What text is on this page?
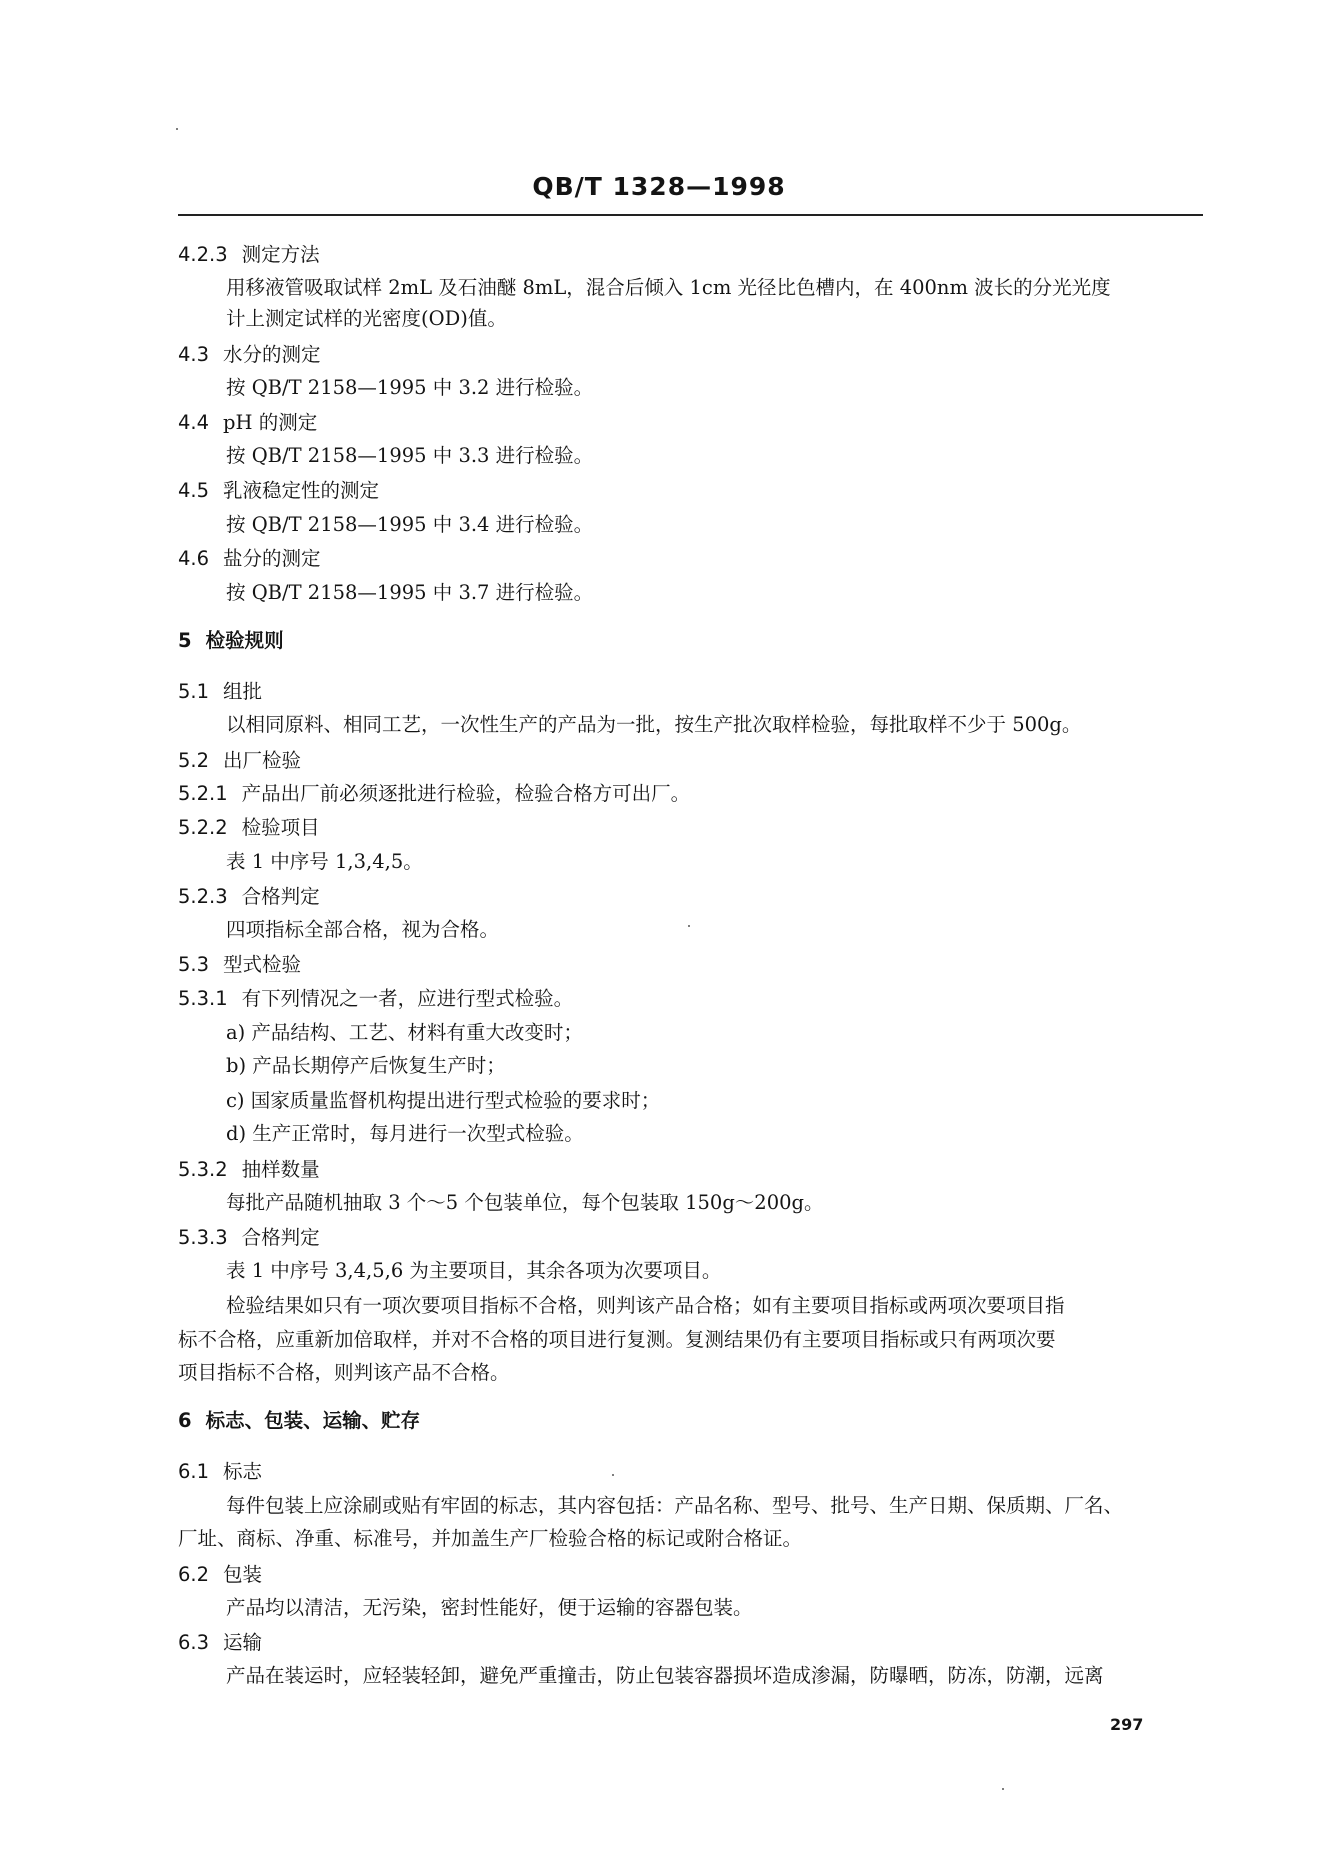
QB/T 1328—1998
4.2.3 测定方法
用移液管吸取试样 2mL 及石油醚 8mL，混合后倾入 1cm 光径比色槽内，在 400nm 波长的分光光度
计上测定试样的光密度(OD)值。
4.3 水分的测定
按 QB/T 2158—1995 中 3.2 进行检验。
4.4 pH 的测定
按 QB/T 2158—1995 中 3.3 进行检验。
4.5 乳液稳定性的测定
按 QB/T 2158—1995 中 3.4 进行检验。
4.6 盐分的测定
按 QB/T 2158—1995 中 3.7 进行检验。
5 检验规则
5.1 组批
以相同原料、相同工艺，一次性生产的产品为一批，按生产批次取样检验，每批取样不少于 500g。
5.2 出厂检验
5.2.1 产品出厂前必须逐批进行检验，检验合格方可出厂。
5.2.2 检验项目
表 1 中序号 1,3,4,5。
5.2.3 合格判定
四项指标全部合格，视为合格。
5.3 型式检验
5.3.1 有下列情况之一者，应进行型式检验。
a) 产品结构、工艺、材料有重大改变时；
b) 产品长期停产后恢复生产时；
c) 国家质量监督机构提出进行型式检验的要求时；
d) 生产正常时，每月进行一次型式检验。
5.3.2 抽样数量
每批产品随机抽取 3 个～5 个包装单位，每个包装取 150g～200g。
5.3.3 合格判定
表 1 中序号 3,4,5,6 为主要项目，其余各项为次要项目。
检验结果如只有一项次要项目指标不合格，则判该产品合格；如有主要项目指标或两项次要项目指
标不合格，应重新加倍取样，并对不合格的项目进行复测。复测结果仍有主要项目指标或只有两项次要
项目指标不合格，则判该产品不合格。
6 标志、包装、运输、贮存
6.1 标志
每件包装上应涂刷或贴有牢固的标志，其内容包括：产品名称、型号、批号、生产日期、保质期、厂名、
厂址、商标、净重、标准号，并加盖生产厂检验合格的标记或附合格证。
6.2 包装
产品均以清洁，无污染，密封性能好，便于运输的容器包装。
6.3 运输
产品在装运时，应轻装轻卸，避免严重撞击，防止包装容器损坏造成渗漏，防曝晒，防冻，防潮，远离
297
